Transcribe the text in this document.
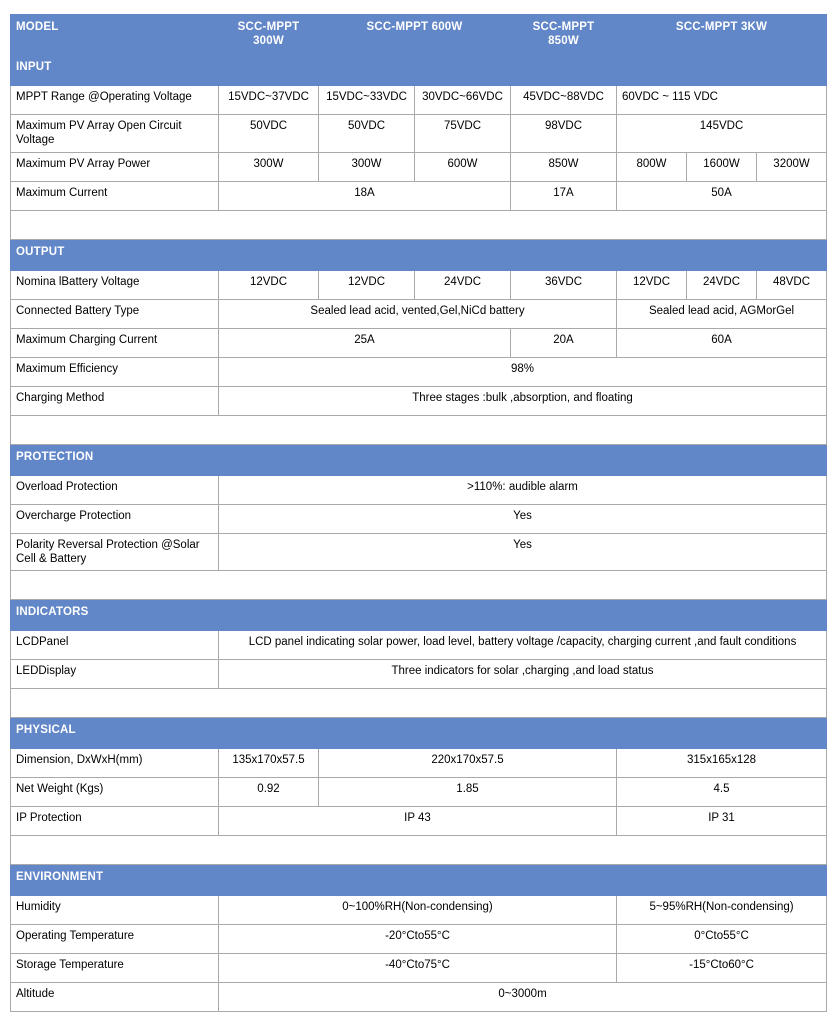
MODEL	SCC-MPPT 300W	SCC-MPPT 600W		SCC-MPPT 850W	SCC-MPPT 3KW		
INPUT							
MPPT Range @Operating Voltage	15VDC~37VDC	15VDC~33VDC	30VDC~66VDC	45VDC~88VDC	60VDC ~ 115 VDC		
Maximum PV Array Open Circuit Voltage	50VDC	50VDC	75VDC	98VDC	145VDC		
Maximum PV Array Power	300W	300W	600W	850W	800W	1600W	3200W
Maximum Current	18A			17A	50A		

OUTPUT							
Nomina lBattery Voltage	12VDC	12VDC	24VDC	36VDC	12VDC	24VDC	48VDC
Connected Battery Type	Sealed lead acid, vented,Gel,NiCd battery				Sealed lead acid, AGMorGel		
Maximum Charging Current	25A			20A	60A		
Maximum Efficiency	98%						
Charging Method	Three stages :bulk ,absorption, and floating						

PROTECTION							
Overload Protection	>110%: audible alarm						
Overcharge Protection	Yes						
Polarity Reversal Protection @Solar Cell & Battery	Yes						

INDICATORS							
LCDPanel	LCD panel indicating solar power, load level, battery voltage /capacity, charging current ,and fault conditions						
LEDDisplay	Three indicators for solar ,charging ,and load status						

PHYSICAL							
Dimension, DxWxH(mm)	135x170x57.5	220x170x57.5			315x165x128		
Net Weight (Kgs)	0.92	1.85			4.5		
IP Protection	IP 43				IP 31		

ENVIRONMENT							
Humidity	0~100%RH(Non-condensing)				5~95%RH(Non-condensing)		
Operating Temperature	-20°Cto55°C				0°Cto55°C		
Storage Temperature	-40°Cto75°C				-15°Cto60°C		
Altitude	0~3000m						
